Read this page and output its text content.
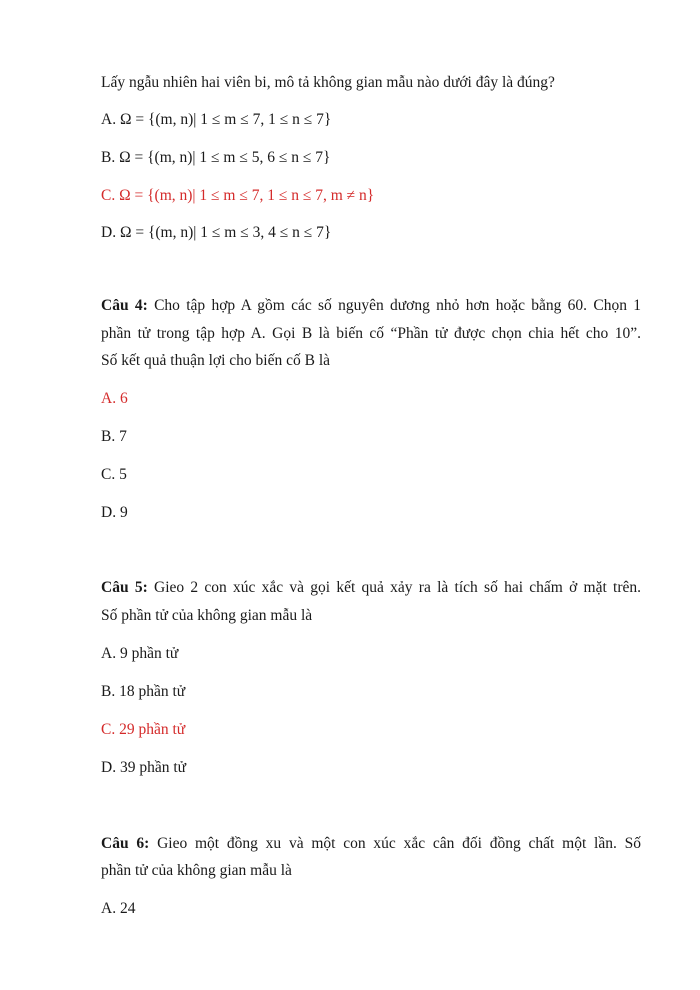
Lấy ngẫu nhiên hai viên bi, mô tả không gian mẫu nào dưới đây là đúng?
A. Ω = {(m, n)| 1 ≤ m ≤ 7, 1 ≤ n ≤ 7}
B. Ω = {(m, n)| 1 ≤ m ≤ 5, 6 ≤ n ≤ 7}
C. Ω = {(m, n)| 1 ≤ m ≤ 7, 1 ≤ n ≤ 7, m ≠ n}
D. Ω = {(m, n)| 1 ≤ m ≤ 3, 4 ≤ n ≤ 7}
Câu 4: Cho tập hợp A gồm các số nguyên dương nhỏ hơn hoặc bằng 60. Chọn 1
phần tử trong tập hợp A. Gọi B là biến cố “Phần tử được chọn chia hết cho 10”.
Số kết quả thuận lợi cho biến cố B là
A. 6
B. 7
C. 5
D. 9
Câu 5: Gieo 2 con xúc xắc và gọi kết quả xảy ra là tích số hai chấm ở mặt trên.
Số phần tử của không gian mẫu là
A. 9 phần tử
B. 18 phần tử
C. 29 phần tử
D. 39 phần tử
Câu 6: Gieo một đồng xu và một con xúc xắc cân đối đồng chất một lần. Số
phần tử của không gian mẫu là
A. 24
